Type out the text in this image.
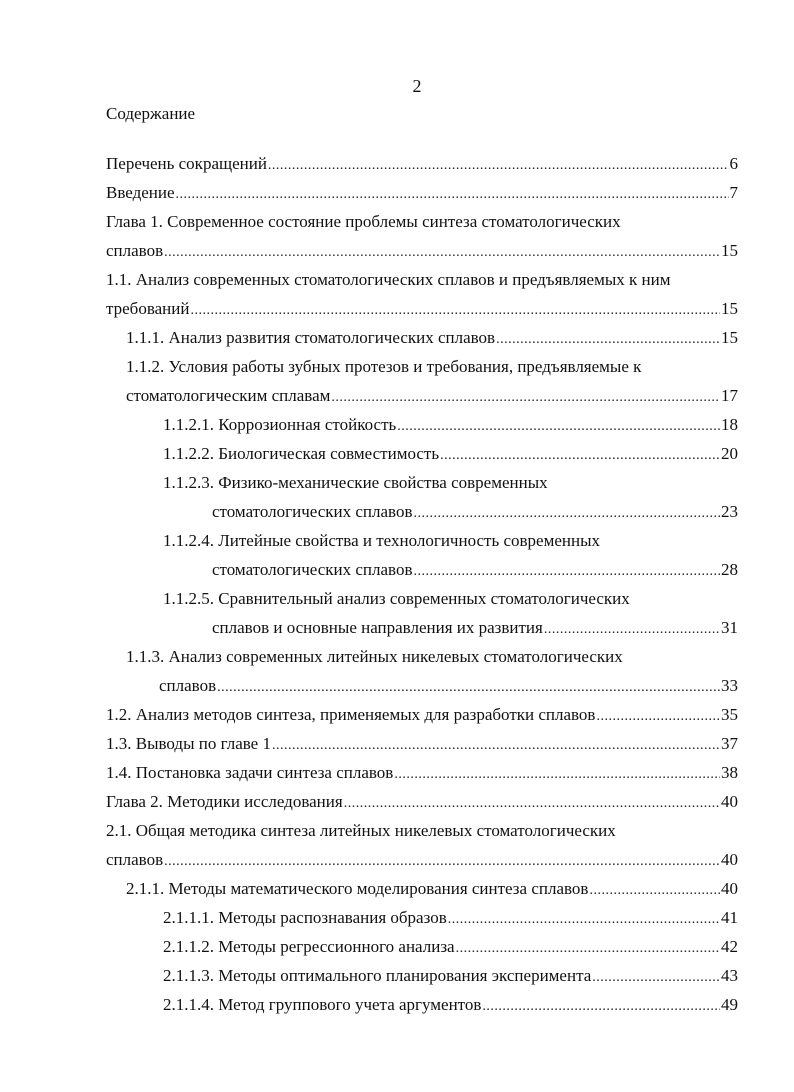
2
Содержание
Перечень сокращений .....	6
Введение .....	7
Глава 1. Современное состояние проблемы синтеза стоматологических
сплавов .....	15
1.1. Анализ современных стоматологических сплавов и предъявляемых к ним
требований .....	15
1.1.1. Анализ развития стоматологических сплавов .....	15
1.1.2. Условия работы зубных протезов и требования, предъявляемые к
стоматологическим сплавам .....	17
1.1.2.1. Коррозионная стойкость .....	18
1.1.2.2. Биологическая совместимость .....	20
1.1.2.3. Физико-механические свойства современных
стоматологических сплавов .....	23
1.1.2.4. Литейные свойства и технологичность современных
стоматологических сплавов .....	28
1.1.2.5. Сравнительный анализ современных стоматологических
сплавов и основные направления их развития .....	31
1.1.3. Анализ современных литейных никелевых стоматологических
сплавов .....	33
1.2. Анализ методов синтеза, применяемых для разработки сплавов .....	35
1.3. Выводы по главе 1 .....	37
1.4. Постановка задачи синтеза сплавов .....	38
Глава 2. Методики исследования .....	40
2.1. Общая методика синтеза литейных никелевых стоматологических
сплавов .....	40
2.1.1. Методы математического моделирования синтеза сплавов .....	40
2.1.1.1. Методы распознавания образов .....	41
2.1.1.2. Методы регрессионного анализа .....	42
2.1.1.3. Методы оптимального планирования эксперимента .....	43
2.1.1.4. Метод группового учета аргументов .....	49
